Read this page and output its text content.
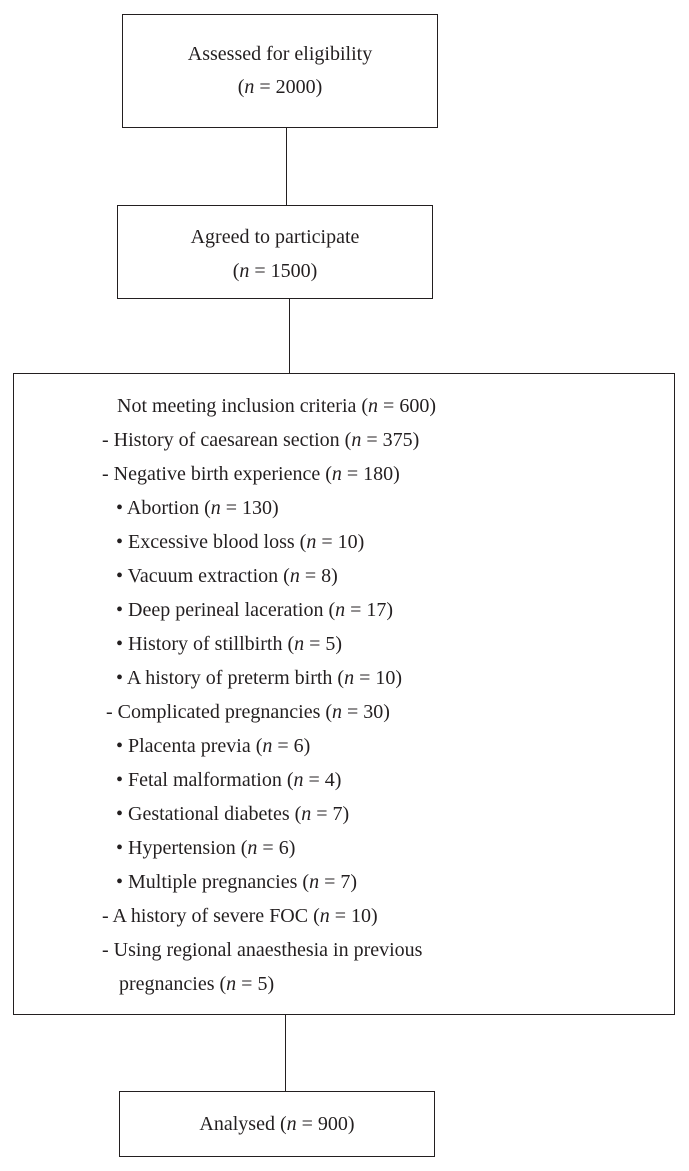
Assessed for eligibility
(n = 2000)
Agreed to participate
(n = 1500)
Not meeting inclusion criteria (n = 600)
- History of caesarean section (n = 375)
- Negative birth experience (n = 180)
• Abortion (n = 130)
• Excessive blood loss (n = 10)
• Vacuum extraction (n = 8)
• Deep perineal laceration (n = 17)
• History of stillbirth (n = 5)
• A history of preterm birth (n = 10)
- Complicated pregnancies (n = 30)
• Placenta previa (n = 6)
• Fetal malformation (n = 4)
• Gestational diabetes (n = 7)
• Hypertension (n = 6)
• Multiple pregnancies (n = 7)
- A history of severe FOC (n = 10)
- Using regional anaesthesia in previous
pregnancies (n = 5)
Analysed (n = 900)
